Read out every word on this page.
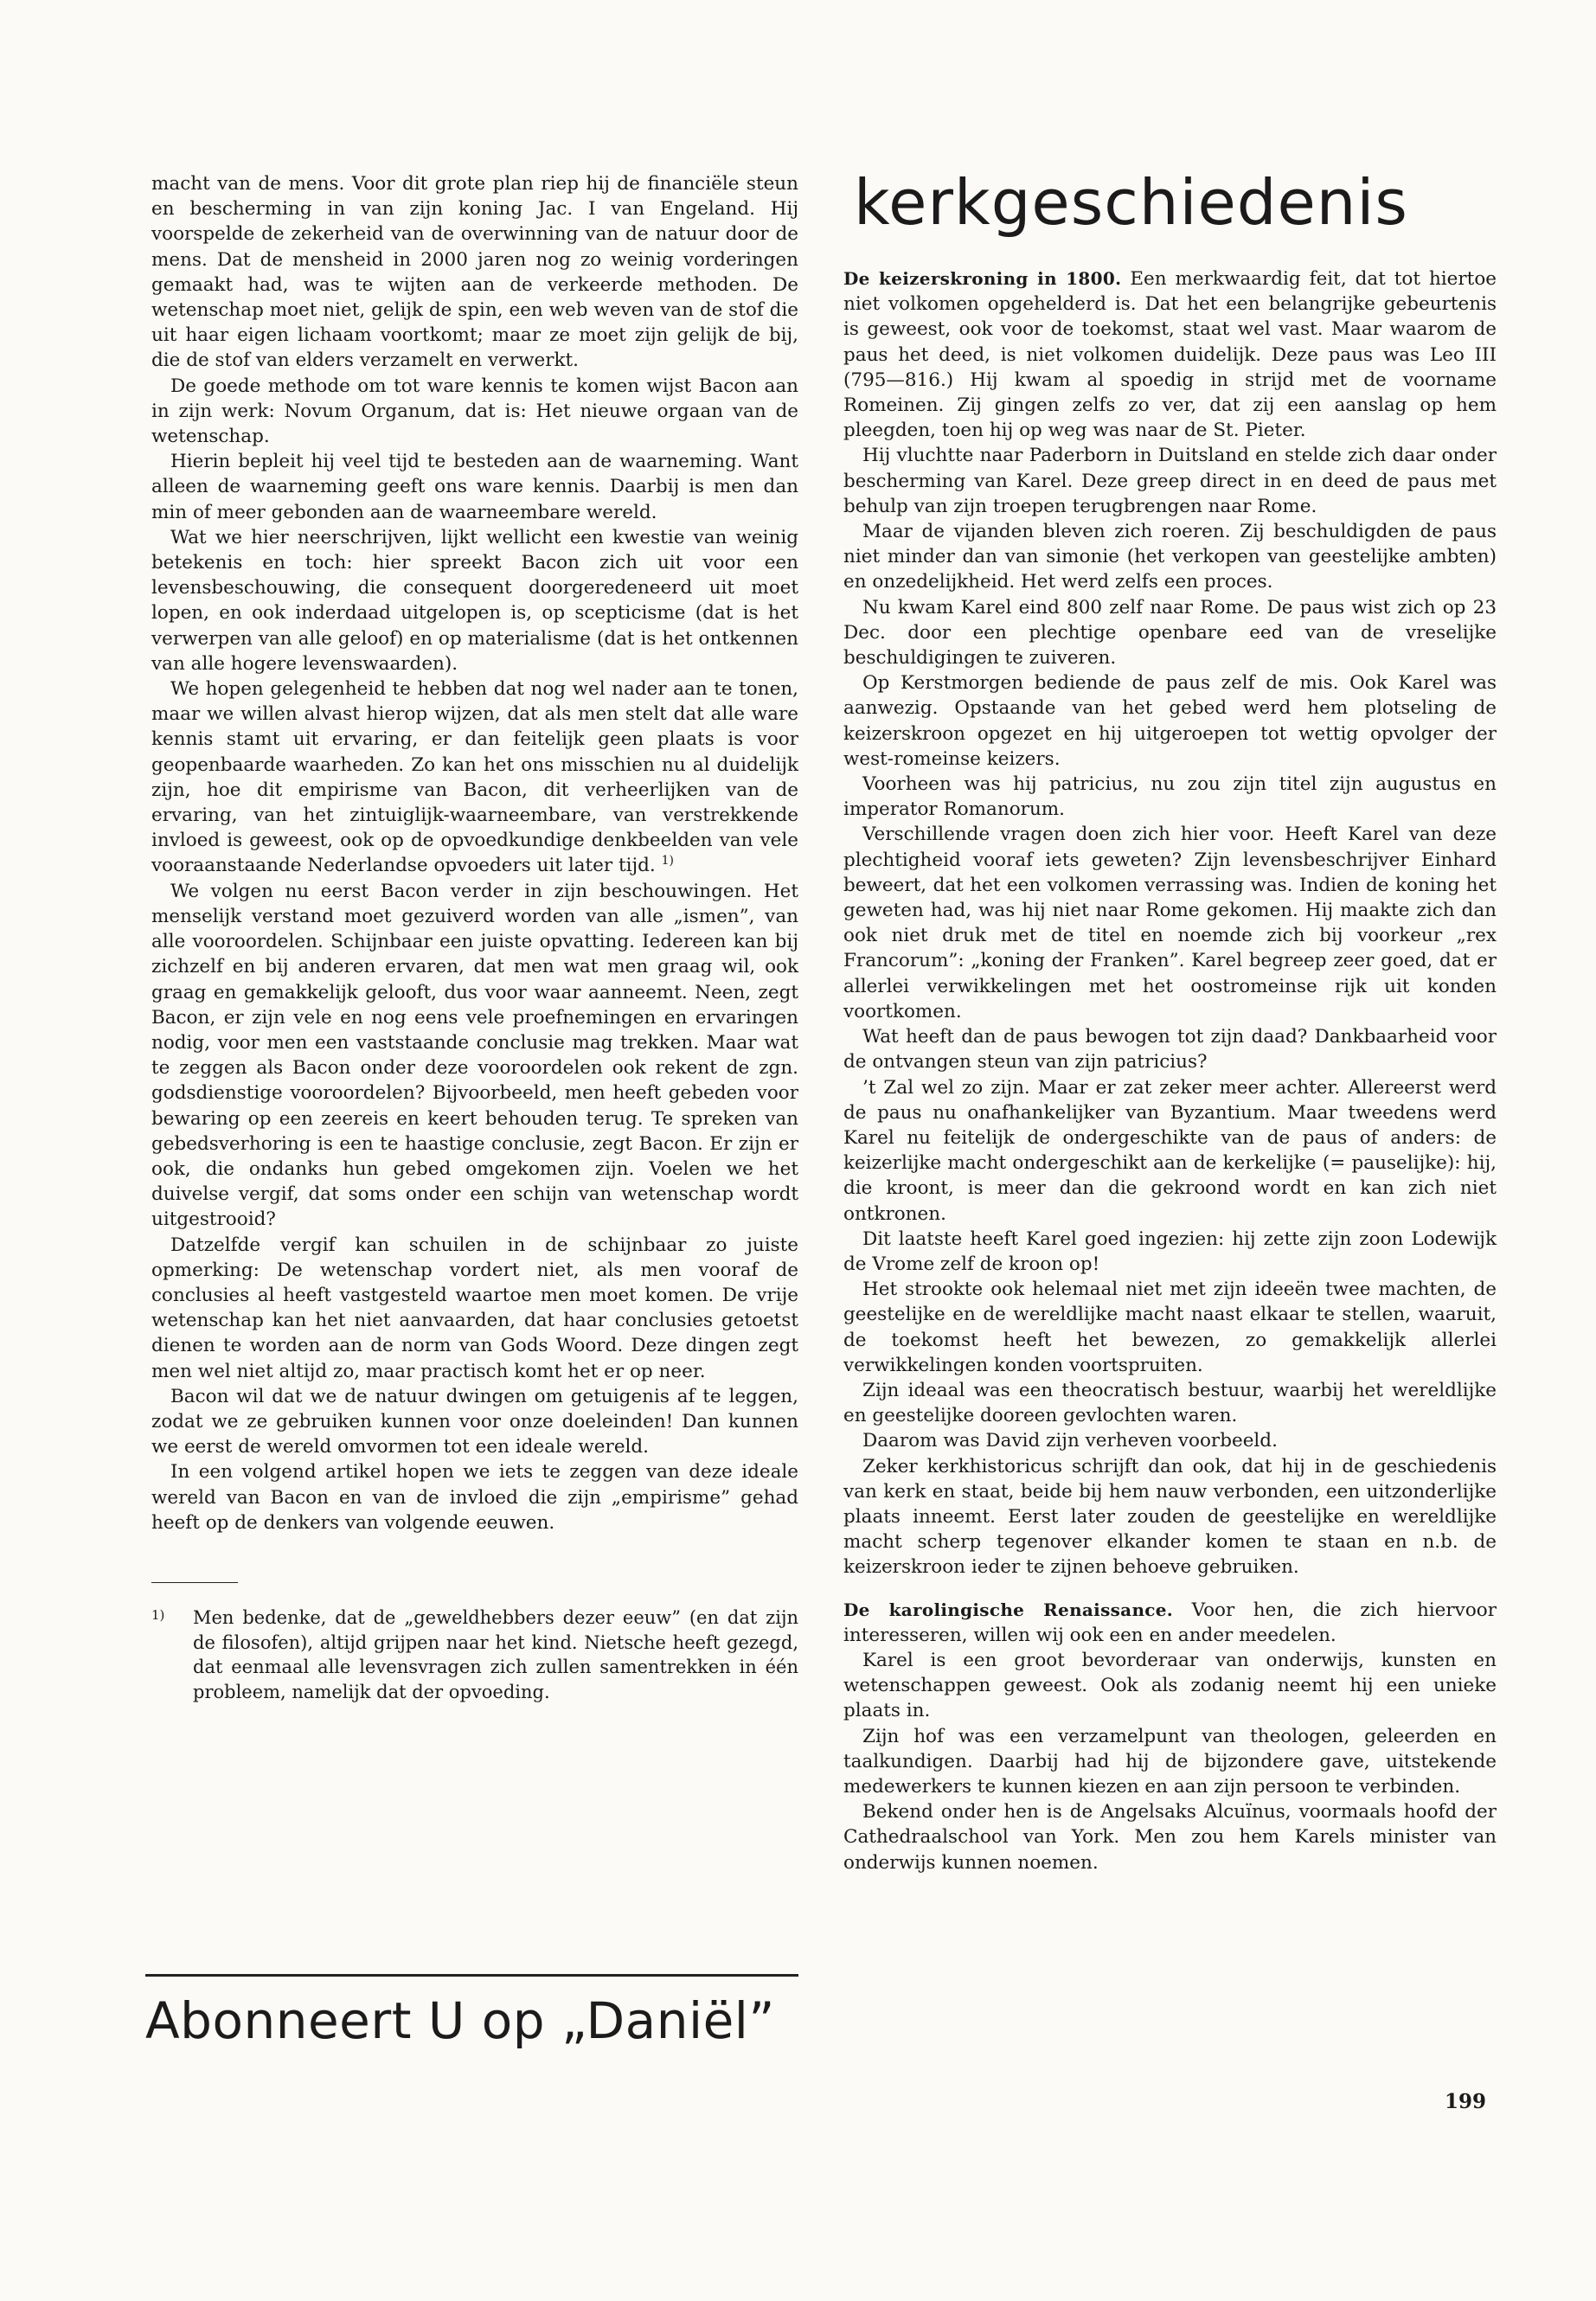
macht van de mens. Voor dit grote plan riep hij de financiële steun en bescherming in van zijn koning Jac. I van Engeland. Hij voorspelde de zekerheid van de overwinning van de natuur door de mens. Dat de mensheid in 2000 jaren nog zo weinig vorderingen gemaakt had, was te wijten aan de verkeerde methoden. De wetenschap moet niet, gelijk de spin, een web weven van de stof die uit haar eigen lichaam voortkomt; maar ze moet zijn gelijk de bij, die de stof van elders verzamelt en verwerkt.

De goede methode om tot ware kennis te komen wijst Bacon aan in zijn werk: Novum Organum, dat is: Het nieuwe orgaan van de wetenschap.

Hierin bepleit hij veel tijd te besteden aan de waarneming. Want alleen de waarneming geeft ons ware kennis. Daarbij is men dan min of meer gebonden aan de waarneembare wereld.

Wat we hier neerschrijven, lijkt wellicht een kwestie van weinig betekenis en toch: hier spreekt Bacon zich uit voor een levensbeschouwing, die consequent doorgeredeneerd uit moet lopen, en ook inderdaad uitgelopen is, op scepticisme (dat is het verwerpen van alle geloof) en op materialisme (dat is het ontkennen van alle hogere levenswaarden).

We hopen gelegenheid te hebben dat nog wel nader aan te tonen, maar we willen alvast hierop wijzen, dat als men stelt dat alle ware kennis stamt uit ervaring, er dan feitelijk geen plaats is voor geopenbaarde waarheden. Zo kan het ons misschien nu al duidelijk zijn, hoe dit empirisme van Bacon, dit verheerlijken van de ervaring, van het zintuiglijk-waarneembare, van verstrekkende invloed is geweest, ook op de opvoedkundige denkbeelden van vele vooraanstaande Nederlandse opvoeders uit later tijd. $^{1)}$

We volgen nu eerst Bacon verder in zijn beschouwingen. Het menselijk verstand moet gezuiverd worden van alle „ismen”, van alle vooroordelen. Schijnbaar een juiste opvatting. Iedereen kan bij zichzelf en bij anderen ervaren, dat men wat men graag wil, ook graag en gemakkelijk gelooft, dus voor waar aanneemt. Neen, zegt Bacon, er zijn vele en nog eens vele proefnemingen en ervaringen nodig, voor men een vaststaande conclusie mag trekken. Maar wat te zeggen als Bacon onder deze vooroordelen ook rekent de zgn. godsdienstige vooroordelen? Bijvoorbeeld, men heeft gebeden voor bewaring op een zeereis en keert behouden terug. Te spreken van gebedsverhoring is een te haastige conclusie, zegt Bacon. Er zijn er ook, die ondanks hun gebed omgekomen zijn. Voelen we het duivelse vergif, dat soms onder een schijn van wetenschap wordt uitgestrooid?

Datzelfde vergif kan schuilen in de schijnbaar zo juiste opmerking: De wetenschap vordert niet, als men vooraf de conclusies al heeft vastgesteld waartoe men moet komen. De vrije wetenschap kan het niet aanvaarden, dat haar conclusies getoetst dienen te worden aan de norm van Gods Woord. Deze dingen zegt men wel niet altijd zo, maar practisch komt het er op neer.

Bacon wil dat we de natuur dwingen om getuigenis af te leggen, zodat we ze gebruiken kunnen voor onze doeleinden! Dan kunnen we eerst de wereld omvormen tot een ideale wereld.

In een volgend artikel hopen we iets te zeggen van deze ideale wereld van Bacon en van de invloed die zijn „empirisme” gehad heeft op de denkers van volgende eeuwen.

1)	Men bedenke, dat de „geweldhebbers dezer eeuw” (en dat zijn de filosofen), altijd grijpen naar het kind. Nietsche heeft gezegd, dat eenmaal alle levensvragen zich zullen samentrekken in één probleem, namelijk dat der opvoeding.
Abonneert U op „Daniël”
kerkgeschiedenis

De keizerskroning in 1800. Een merkwaardig feit, dat tot hiertoe niet volkomen opgehelderd is. Dat het een belangrijke gebeurtenis is geweest, ook voor de toekomst, staat wel vast. Maar waarom de paus het deed, is niet volkomen duidelijk. Deze paus was Leo III (795—816.) Hij kwam al spoedig in strijd met de voorname Romeinen. Zij gingen zelfs zo ver, dat zij een aanslag op hem pleegden, toen hij op weg was naar de St. Pieter.

Hij vluchtte naar Paderborn in Duitsland en stelde zich daar onder bescherming van Karel. Deze greep direct in en deed de paus met behulp van zijn troepen terugbrengen naar Rome.

Maar de vijanden bleven zich roeren. Zij beschuldigden de paus niet minder dan van simonie (het verkopen van geestelijke ambten) en onzedelijkheid. Het werd zelfs een proces.

Nu kwam Karel eind 800 zelf naar Rome. De paus wist zich op 23 Dec. door een plechtige openbare eed van de vreselijke beschuldigingen te zuiveren.

Op Kerstmorgen bediende de paus zelf de mis. Ook Karel was aanwezig. Opstaande van het gebed werd hem plotseling de keizerskroon opgezet en hij uitgeroepen tot wettig opvolger der west-romeinse keizers.

Voorheen was hij patricius, nu zou zijn titel zijn augustus en imperator Romanorum.

Verschillende vragen doen zich hier voor. Heeft Karel van deze plechtigheid vooraf iets geweten? Zijn levensbeschrijver Einhard beweert, dat het een volkomen verrassing was. Indien de koning het geweten had, was hij niet naar Rome gekomen. Hij maakte zich dan ook niet druk met de titel en noemde zich bij voorkeur „rex Francorum”: „koning der Franken”. Karel begreep zeer goed, dat er allerlei verwikkelingen met het oostromeinse rijk uit konden voortkomen.

Wat heeft dan de paus bewogen tot zijn daad? Dankbaarheid voor de ontvangen steun van zijn patricius?

’t Zal wel zo zijn. Maar er zat zeker meer achter. Allereerst werd de paus nu onafhankelijker van Byzantium. Maar tweedens werd Karel nu feitelijk de ondergeschikte van de paus of anders: de keizerlijke macht ondergeschikt aan de kerkelijke (= pauselijke): hij, die kroont, is meer dan die gekroond wordt en kan zich niet ontkronen.

Dit laatste heeft Karel goed ingezien: hij zette zijn zoon Lodewijk de Vrome zelf de kroon op!

Het strookte ook helemaal niet met zijn ideeën twee machten, de geestelijke en de wereldlijke macht naast elkaar te stellen, waaruit, de toekomst heeft het bewezen, zo gemakkelijk allerlei verwikkelingen konden voortspruiten.

Zijn ideaal was een theocratisch bestuur, waarbij het wereldlijke en geestelijke dooreen gevlochten waren.

Daarom was David zijn verheven voorbeeld.

Zeker kerkhistoricus schrijft dan ook, dat hij in de geschiedenis van kerk en staat, beide bij hem nauw verbonden, een uitzonderlijke plaats inneemt. Eerst later zouden de geestelijke en wereldlijke macht scherp tegenover elkander komen te staan en n.b. de keizerskroon ieder te zijnen behoeve gebruiken.

De karolingische Renaissance. Voor hen, die zich hiervoor interesseren, willen wij ook een en ander meedelen.

Karel is een groot bevorderaar van onderwijs, kunsten en wetenschappen geweest. Ook als zodanig neemt hij een unieke plaats in.

Zijn hof was een verzamelpunt van theologen, geleerden en taalkundigen. Daarbij had hij de bijzondere gave, uitstekende medewerkers te kunnen kiezen en aan zijn persoon te verbinden.

Bekend onder hen is de Angelsaks Alcuïnus, voormaals hoofd der Cathedraalschool van York. Men zou hem Karels minister van onderwijs kunnen noemen.

199
